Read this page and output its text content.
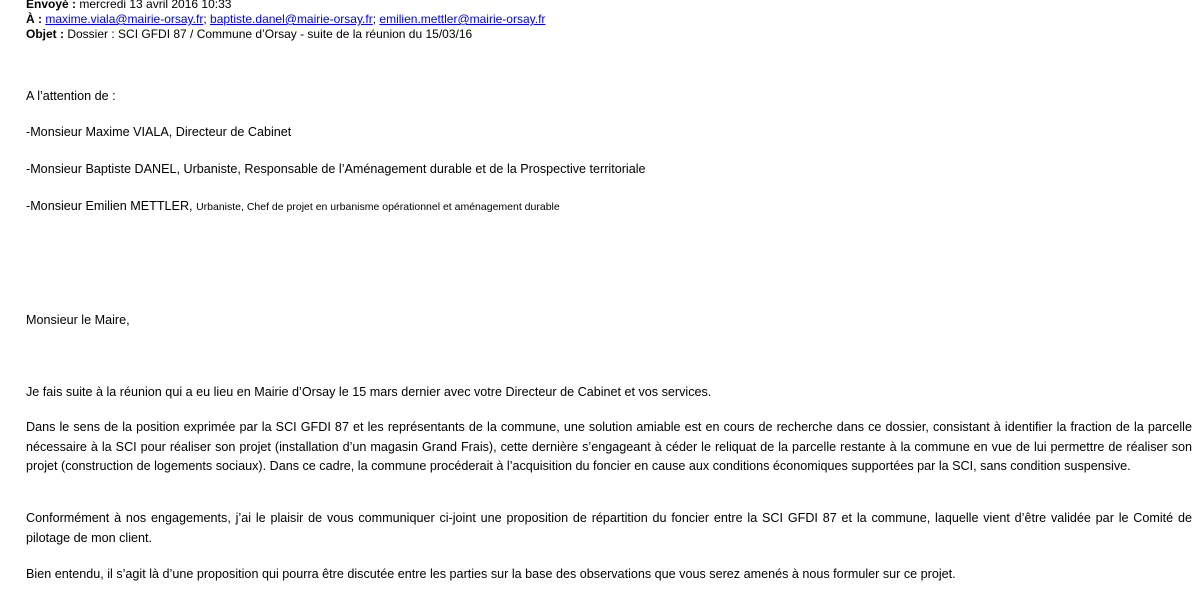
Envoyé : mercredi 13 avril 2016 10:33
À : maxime.viala@mairie-orsay.fr; baptiste.danel@mairie-orsay.fr; emilien.mettler@mairie-orsay.fr
Objet : Dossier : SCI GFDI 87 / Commune d’Orsay - suite de la réunion du 15/03/16
A l’attention de :
-Monsieur Maxime VIALA, Directeur de Cabinet
-Monsieur Baptiste DANEL, Urbaniste, Responsable de l’Aménagement durable et de la Prospective territoriale
-Monsieur Emilien METTLER, Urbaniste, Chef de projet en urbanisme opérationnel et aménagement durable
Monsieur le Maire,
Je fais suite à la réunion qui a eu lieu en Mairie d’Orsay le 15 mars dernier avec votre Directeur de Cabinet et vos services.
Dans le sens de la position exprimée par la SCI GFDI 87 et les représentants de la commune, une solution amiable est en cours de recherche dans ce dossier, consistant à identifier la fraction de la parcelle nécessaire à la SCI pour réaliser son projet (installation d’un magasin Grand Frais), cette dernière s’engageant à céder le reliquat de la parcelle restante à la commune en vue de lui permettre de réaliser son projet (construction de logements sociaux). Dans ce cadre, la commune procéderait à l’acquisition du foncier en cause aux conditions économiques supportées par la SCI, sans condition suspensive.
Conformément à nos engagements, j’ai le plaisir de vous communiquer ci-joint une proposition de répartition du foncier entre la SCI GFDI 87 et la commune, laquelle vient d’être validée par le Comité de pilotage de mon client.
Bien entendu, il s’agit là d’une proposition qui pourra être discutée entre les parties sur la base des observations que vous serez amenés à nous formuler sur ce projet.
